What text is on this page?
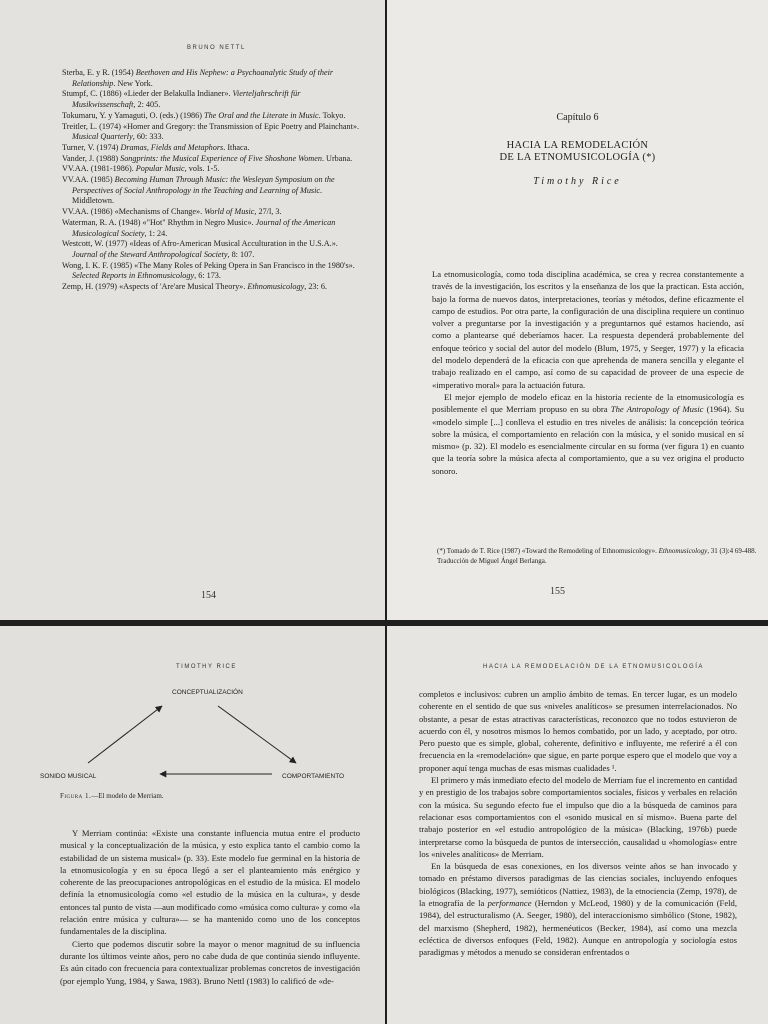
BRUNO NETTL
Sterba, E. y R. (1954) Beethoven and His Nephew: a Psychoanalytic Study of their Relationship. New York.
Stumpf, C. (1886) «Lieder der Belakulla Indianer». Vierteljahrschrift für Musikwissenschaft, 2: 405.
Tokumaru, Y. y Yamaguti, O. (eds.) (1986) The Oral and the Literate in Music. Tokyo.
Treitler, L. (1974) «Homer and Gregory: the Transmission of Epic Poetry and Plainchant». Musical Quarterly, 60: 333.
Turner, V. (1974) Dramas, Fields and Metaphors. Ithaca.
Vander, J. (1988) Songprints: the Musical Experience of Five Shoshone Women. Urbana.
VV.AA. (1981-1986). Popular Music, vols. 1-5.
VV.AA. (1985) Becoming Human Through Music: the Wesleyan Symposium on the Perspectives of Social Anthropology in the Teaching and Learning of Music. Middletown.
VV.AA. (1986) «Mechanisms of Change». World of Music, 27/l, 3.
Waterman, R. A. (1948) «"Hot" Rhythm in Negro Music». Journal of the American Musicological Society, 1: 24.
Westcott, W. (1977) «Ideas of Afro-American Musical Acculturation in the U.S.A.». Journal of the Steward Anthropological Society, 8: 107.
Wong, I. K. F. (1985) «The Many Roles of Peking Opera in San Francisco in the 1980's». Selected Reports in Ethnomusicology, 6: 173.
Zemp, H. (1979) «Aspects of 'Are'are Musical Theory». Ethnomusicology, 23: 6.
154
Capítulo 6
HACIA LA REMODELACIÓN
DE LA ETNOMUSICOLOGÍA (*)
Timothy Rice

La etnomusicología, como toda disciplina académica, se crea y recrea constantemente a través de la investigación, los escritos y la enseñanza de los que la practican. Esta acción, bajo la forma de nuevos datos, interpretaciones, teorías y métodos, define eficazmente el campo de estudios. Por otra parte, la configuración de una disciplina requiere un continuo volver a preguntarse por la investigación y a preguntarnos qué estamos haciendo, así como a plantearse qué deberíamos hacer. La respuesta dependerá probablemente del enfoque teórico y social del autor del modelo (Blum, 1975, y Seeger, 1977) y la eficacia del modelo dependerá de la eficacia con que aprehenda de manera sencilla y elegante el trabajo realizado en el campo, así como de su capacidad de proveer de una especie de «imperativo moral» para la actuación futura.

El mejor ejemplo de modelo eficaz en la historia reciente de la etnomusicología es posiblemente el que Merriam propuso en su obra The Antropology of Music (1964). Su «modelo simple [...] conlleva el estudio en tres niveles de análisis: la concepción teórica sobre la música, el comportamiento en relación con la música, y el sonido musical en sí mismo» (p. 32). El modelo es esencialmente circular en su forma (ver figura 1) en cuanto que la teoría sobre la música afecta al comportamiento, que a su vez origina el producto sonoro.

(*) Tomado de T. Rice (1987) «Toward the Remodeling of Ethnomusicology». Ethnomusicology, 31 (3):4 69-488. Traducción de Miguel Ángel Berlanga.
155
TIMOTHY RICE
CONCEPTUALIZACIÓN
SONIDO MUSICAL	COMPORTAMIENTO
Figura 1.—El modelo de Merriam.

Y Merriam continúa: «Existe una constante influencia mutua entre el producto musical y la conceptualización de la música, y esto explica tanto el cambio como la estabilidad de un sistema musical» (p. 33). Este modelo fue germinal en la historia de la etnomusicología y en su época llegó a ser el planteamiento más enérgico y coherente de las preocupaciones antropológicas en el estudio de la música. El modelo definía la etnomusicología como «el estudio de la música en la cultura», y desde entonces tal punto de vista —aun modificado como «música como cultura» y como «la relación entre música y cultura»— se ha mantenido como uno de los conceptos fundamentales de la disciplina.

Cierto que podemos discutir sobre la mayor o menor magnitud de su influencia durante los últimos veinte años, pero no cabe duda de que continúa siendo influyente. Es aún citado con frecuencia para contextualizar problemas concretos de investigación (por ejemplo Yung, 1984, y Sawa, 1983). Bruno Nettl (1983) lo calificó de «de-

HACIA LA REMODELACIÓN DE LA ETNOMUSICOLOGÍA

completos e inclusivos: cubren un amplio ámbito de temas. En tercer lugar, es un modelo coherente en el sentido de que sus «niveles analíticos» se presumen interrelacionados. No obstante, a pesar de estas atractivas características, reconozco que no todos estuvieron de acuerdo con él, y nosotros mismos lo hemos combatido, por un lado, y aceptado, por otro. Pero puesto que es simple, global, coherente, definitivo e influyente, me referiré a él con frecuencia en la «remodelación» que sigue, en parte porque espero que el modelo que voy a proponer aquí tenga muchas de esas mismas cualidades ¹.

El primero y más inmediato efecto del modelo de Merriam fue el incremento en cantidad y en prestigio de los trabajos sobre comportamientos sociales, físicos y verbales en relación con la música. Su segundo efecto fue el impulso que dio a la búsqueda de caminos para relacionar esos comportamientos con el «sonido musical en sí mismo». Buena parte del trabajo posterior en «el estudio antropológico de la música» (Blacking, 1976b) puede interpretarse como la búsqueda de puntos de intersección, causalidad u «homologías» entre los «niveles analíticos» de Merriam.

En la búsqueda de esas conexiones, en los diversos veinte años se han invocado y tomado en préstamo diversos paradigmas de las ciencias sociales, incluyendo enfoques biológicos (Blacking, 1977), semióticos (Nattiez, 1983), de la etnociencia (Zemp, 1978), de la etnografía de la performance (Herndon y McLeod, 1980) y de la comunicación (Feld, 1984), del estructuralismo (A. Seeger, 1980), del interaccionismo simbólico (Stone, 1982), del marxismo (Shepherd, 1982), hermenéuticos (Becker, 1984), así como una mezcla ecléctica de diversos enfoques (Feld, 1982). Aunque en antropología y sociología estos paradigmas y métodos a menudo se consideran enfrentados o
